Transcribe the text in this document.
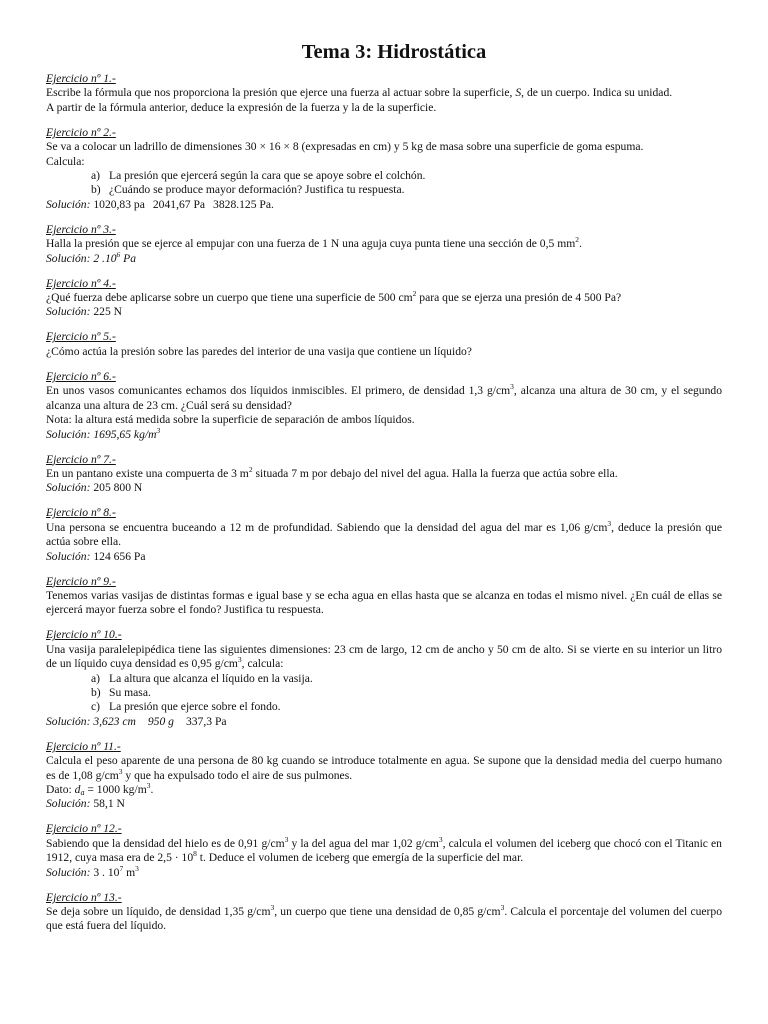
Tema 3: Hidrostática
Ejercicio nº 1.-
Escribe la fórmula que nos proporciona la presión que ejerce una fuerza al actuar sobre la superficie, S, de un cuerpo. Indica su unidad.
A partir de la fórmula anterior, deduce la expresión de la fuerza y la de la superficie.
Ejercicio nº 2.-
Se va a colocar un ladrillo de dimensiones 30 × 16 × 8 (expresadas en cm) y 5 kg de masa sobre una superficie de goma espuma.
Calcula:
a) La presión que ejercerá según la cara que se apoye sobre el colchón.
b) ¿Cuándo se produce mayor deformación? Justifica tu respuesta.
Solución: 1020,83 pa 2041,67 Pa 3828.125 Pa.
Ejercicio nº 3.-
Halla la presión que se ejerce al empujar con una fuerza de 1 N una aguja cuya punta tiene una sección de 0,5 $mm^2$.
Solución: 2 $.10^6$ Pa
Ejercicio nº 4.-
¿Qué fuerza debe aplicarse sobre un cuerpo que tiene una superficie de 500 $cm^2$ para que se ejerza una presión de 4 500 Pa?
Solución: 225 N
Ejercicio nº 5.-
¿Cómo actúa la presión sobre las paredes del interior de una vasija que contiene un líquido?
Ejercicio nº 6.-
En unos vasos comunicantes echamos dos líquidos inmiscibles. El primero, de densidad 1,3 $g/cm^3$, alcanza una altura de 30 cm, y el segundo alcanza una altura de 23 cm. ¿Cuál será su densidad?
Nota: la altura está medida sobre la superficie de separación de ambos líquidos.
Solución: 1695,65 $kg/m^3$
Ejercicio nº 7.-
En un pantano existe una compuerta de 3 $m^2$ situada 7 m por debajo del nivel del agua. Halla la fuerza que actúa sobre ella.
Solución: 205 800 N
Ejercicio nº 8.-
Una persona se encuentra buceando a 12 m de profundidad. Sabiendo que la densidad del agua del mar es 1,06 $g/cm^3$, deduce la presión que actúa sobre ella.
Solución: 124 656 Pa
Ejercicio nº 9.-
Tenemos varias vasijas de distintas formas e igual base y se echa agua en ellas hasta que se alcanza en todas el mismo nivel. ¿En cuál de ellas se ejercerá mayor fuerza sobre el fondo? Justifica tu respuesta.
Ejercicio nº 10.-
Una vasija paralelepipédica tiene las siguientes dimensiones: 23 cm de largo, 12 cm de ancho y 50 cm de alto. Si se vierte en su interior un litro de un líquido cuya densidad es 0,95 $g/cm^3$, calcula:
a) La altura que alcanza el líquido en la vasija.
b) Su masa.
c) La presión que ejerce sobre el fondo.
Solución: 3,623 cm 950 g 337,3 Pa
Ejercicio nº 11.-
Calcula el peso aparente de una persona de 80 kg cuando se introduce totalmente en agua. Se supone que la densidad media del cuerpo humano es de 1,08 $g/cm^3$ y que ha expulsado todo el aire de sus pulmones.
Dato: $d_a = 1000$ $kg/m^3$.
Solución: 58,1 N
Ejercicio nº 12.-
Sabiendo que la densidad del hielo es de 0,91 $g/cm^3$ y la del agua del mar 1,02 $g/cm^3$, calcula el volumen del iceberg que chocó con el Titanic en 1912, cuya masa era de $2,5 \cdot 10^8$ t. Deduce el volumen de iceberg que emergía de la superficie del mar.
Solución: 3 . $10^7$ $m^3$
Ejercicio nº 13.-
Se deja sobre un líquido, de densidad 1,35 $g/cm^3$, un cuerpo que tiene una densidad de 0,85 $g/cm^3$. Calcula el porcentaje del volumen del cuerpo que está fuera del líquido.
